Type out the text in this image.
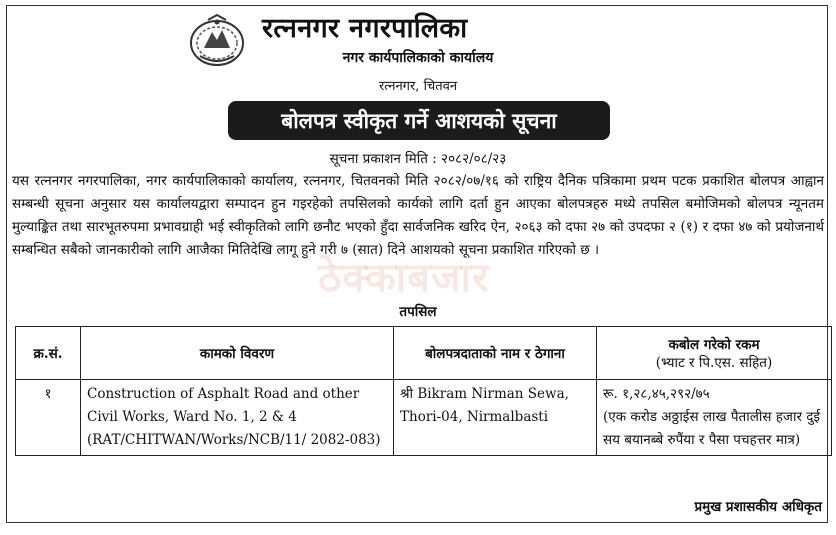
रत्ननगर नगरपालिका
नगर कार्यपालिकाको कार्यालय
रत्ननगर, चितवन
बोलपत्र स्वीकृत गर्ने आशयको सूचना
सूचना प्रकाशन मिति : २०८२/०८/२३

यस रत्ननगर नगरपालिका, नगर कार्यपालिकाको कार्यालय, रत्ननगर, चितवनको मिति २०८२/०७/१६ को राष्ट्रिय दैनिक पत्रिकामा प्रथम पटक प्रकाशित बोलपत्र आह्वान सम्बन्धी सूचना अनुसार यस कार्यालयद्वारा सम्पादन हुन गइरहेको तपसिलको कार्यको लागि दर्ता हुन आएका बोलपत्रहरु मध्ये तपसिल बमोजिमको बोलपत्र न्यूनतम मुल्याङ्कित तथा सारभूतरुपमा प्रभावग्राही भई स्वीकृतिको लागि छनौट भएको हुँदा सार्वजनिक खरिद ऐन, २०६३ को दफा २७ को उपदफा २ (१) र दफा ४७ को प्रयोजनार्थ सम्बन्धित सबैको जानकारीको लागि आजैका मितिदेखि लागू हुने गरी ७ (सात) दिने आशयको सूचना प्रकाशित गरिएको छ ।

ठेक्काबजार
तपसिल
क्र.सं.	कामको विवरण	बोलपत्रदाताको नाम र ठेगाना	कबोल गरेको रकम
(भ्याट र पि.एस. सहित)
१	Construction of Asphalt Road and other Civil Works, Ward No. 1, 2 & 4 (RAT/CHITWAN/Works/NCB/11/ 2082-083)	श्री Bikram Nirman Sewa, Thori-04, Nirmalbasti	रू. १,२८,४५,२९२/७५
(एक करोड अठ्ठाईस लाख पैतालीस हजार दुई सय बयानब्बे रुपैंया र पैसा पचहत्तर मात्र)
प्रमुख प्रशासकीय अधिकृत
